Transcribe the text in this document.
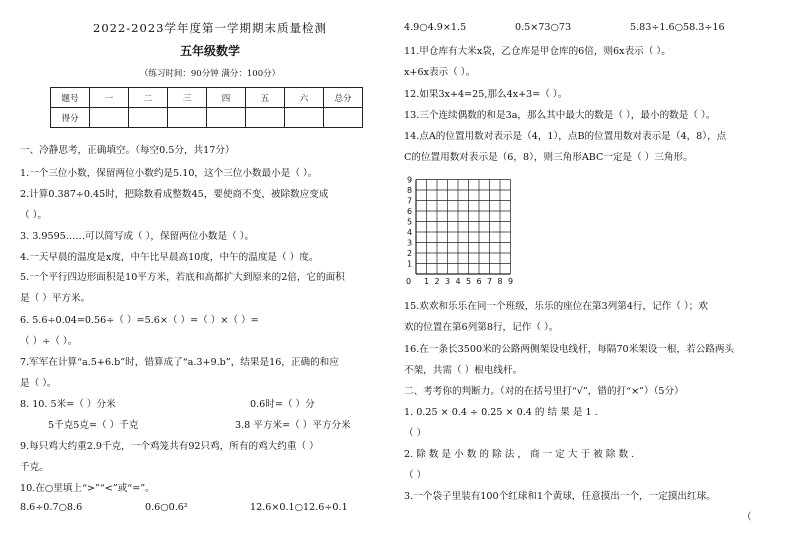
2022-2023学年度第一学期期末质量检测
五年级数学
（练习时间：90分钟 满分：100分）
题号	一	二	三	四	五	六	总分
得分							
一、冷静思考，正确填空。（每空0.5分，共17分）
1.一个三位小数，保留两位小数约是5.10，这个三位小数最小是（ ）。
2.计算0.387÷0.45时，把除数看成整数45，要使商不变，被除数应变成
（ ）。
3. 3.9595……可以简写成（ ），保留两位小数是（ ）。
4.一天早晨的温度是x度，中午比早晨高10度，中午的温度是（ ）度。
5.一个平行四边形面积是10平方米，若底和高都扩大到原来的2倍，它的面积
是（ ）平方米。
6. 5.6÷0.04=0.56÷（ ）=5.6×（ ）=（ ）×（ ）=
（ ）÷（ ）。
7.军军在计算“a.5+6.b”时，错算成了“a.3+9.b”，结果是16，正确的和应
是（ ）。
8. 10. 5米=（ ）分米	0.6时=（ ）分
5千克5克=（ ）千克	3.8 平方米=（ ）平方分米
9.每只鸡大约重2.9千克，一个鸡笼共有92只鸡，所有的鸡大约重（ ）
千克。
10.在○里填上“>”“<”或“=”。
8.6÷0.7○8.6	0.6○0.6²	12.6×0.1○12.6÷0.1
4.9○4.9×1.5	0.5×73○73	5.83÷1.6○58.3÷16
11.甲仓库有大米x袋，乙仓库是甲仓库的6倍，则6x表示（ ）。
x+6x表示（ ）。
12.如果3x+4=25,那么4x+3=（ ）。
13.三个连续偶数的和是3a，那么其中最大的数是（ ），最小的数是（ ）。
14.点A的位置用数对表示是（4，1），点B的位置用数对表示是（4，8），点
C的位置用数对表示是（6，8），则三角形ABC一定是（ ）三角形。
1
2
3
4
5
6
7
8
9
0 1 2 3 4 5 6 7 8 9
15.欢欢和乐乐在同一个班级，乐乐的座位在第3列第4行，记作（ ）；欢
欢的位置在第6列第8行，记作（ ）。
16.在一条长3500米的公路两侧架设电线杆，每隔70米架设一根，若公路两头
不架，共需（ ）根电线杆。
二、考考你的判断力。（对的在括号里打“√”，错的打“×”）（5分）
1. 0.25 × 0.4 ÷ 0.25 × 0.4 的 结 果 是 1 .
（ ）
2. 除 数 是 小 数 的 除 法 ， 商 一 定 大 于 被 除 数 .
（ ）
3.一个袋子里装有100个红球和1个黄球，任意摸出一个，一定摸出红球。
（
